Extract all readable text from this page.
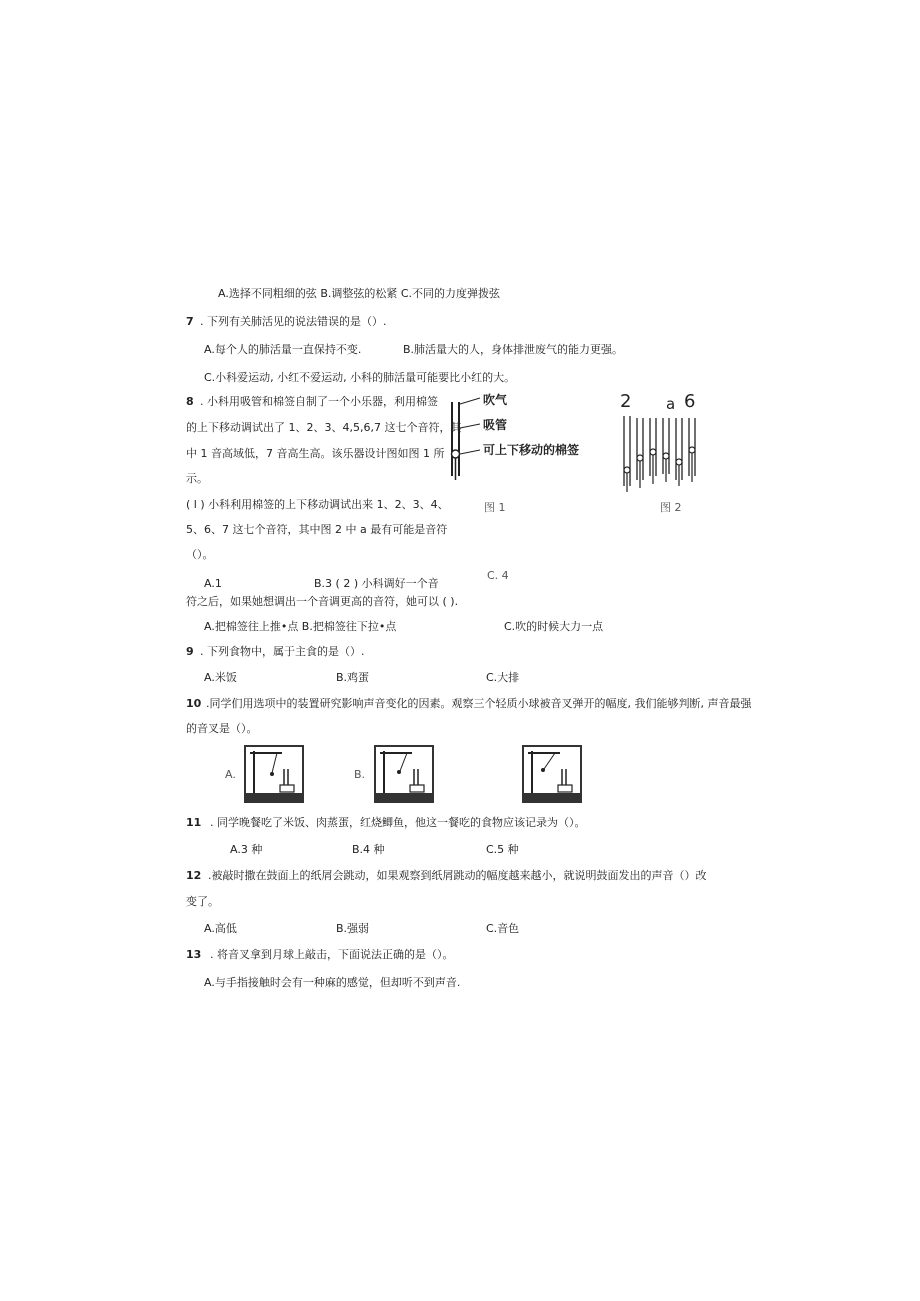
A.选择不同粗细的弦 B.调整弦的松紧 C.不同的力度弹拨弦
7 . 下列有关肺活见的说法错误的是（）.
A.每个人的肺活量一直保持不变.	B.肺活量大的人，身体排泄废气的能力更强。
C.小科爱运动, 小红不爱运动, 小科的肺活量可能要比小红的大。
8 . 小科用吸管和棉签自制了一个小乐器，利用棉签
的上下移动调试出了 1、2、3、4,5,6,7 这七个音符，其
中 1 音高域低，7 音高生高。该乐器设计图如图 1 所
示。
( l ) 小科利用棉签的上下移动调试出来 1、2、3、4、
5、6、7 这七个音符，其中图 2 中 a 最有可能是音符
（）。
A.1	B.3 ( 2 ) 小科调好一个音
C. 4
符之后，如果她想调出一个音调更高的音符，她可以 ( ).
A.把棉签往上推•点 B.把棉签往下拉•点	C.吹的时候大力一点
吹气
吸管
可上下移动的棉签
图 1
2 a 6
图 2
9 . 下列食物中，属于主食的是（）.
A.米饭	B.鸡蛋	C.大排
10 .同学们用选项中的装置研究影响声音变化的因素。观察三个轻质小球被音叉弹开的幅度, 我们能够判断, 声音最强
的音叉是（）。
A.	B.
11 . 同学晚餐吃了米饭、肉蒸蛋，红烧鲫鱼，他这一餐吃的食物应该记录为（）。
A.3 种	B.4 种	C.5 种
12 .被敲时撒在鼓面上的纸屑会跳动，如果观察到纸屑跳动的幅度越来越小，就说明鼓面发出的声音（）改
变了。
A.高低	B.强弱	C.音色
13 . 将音叉拿到月球上敲击，下面说法正确的是（）。
A.与手指接触时会有一种麻的感觉，但却听不到声音.
